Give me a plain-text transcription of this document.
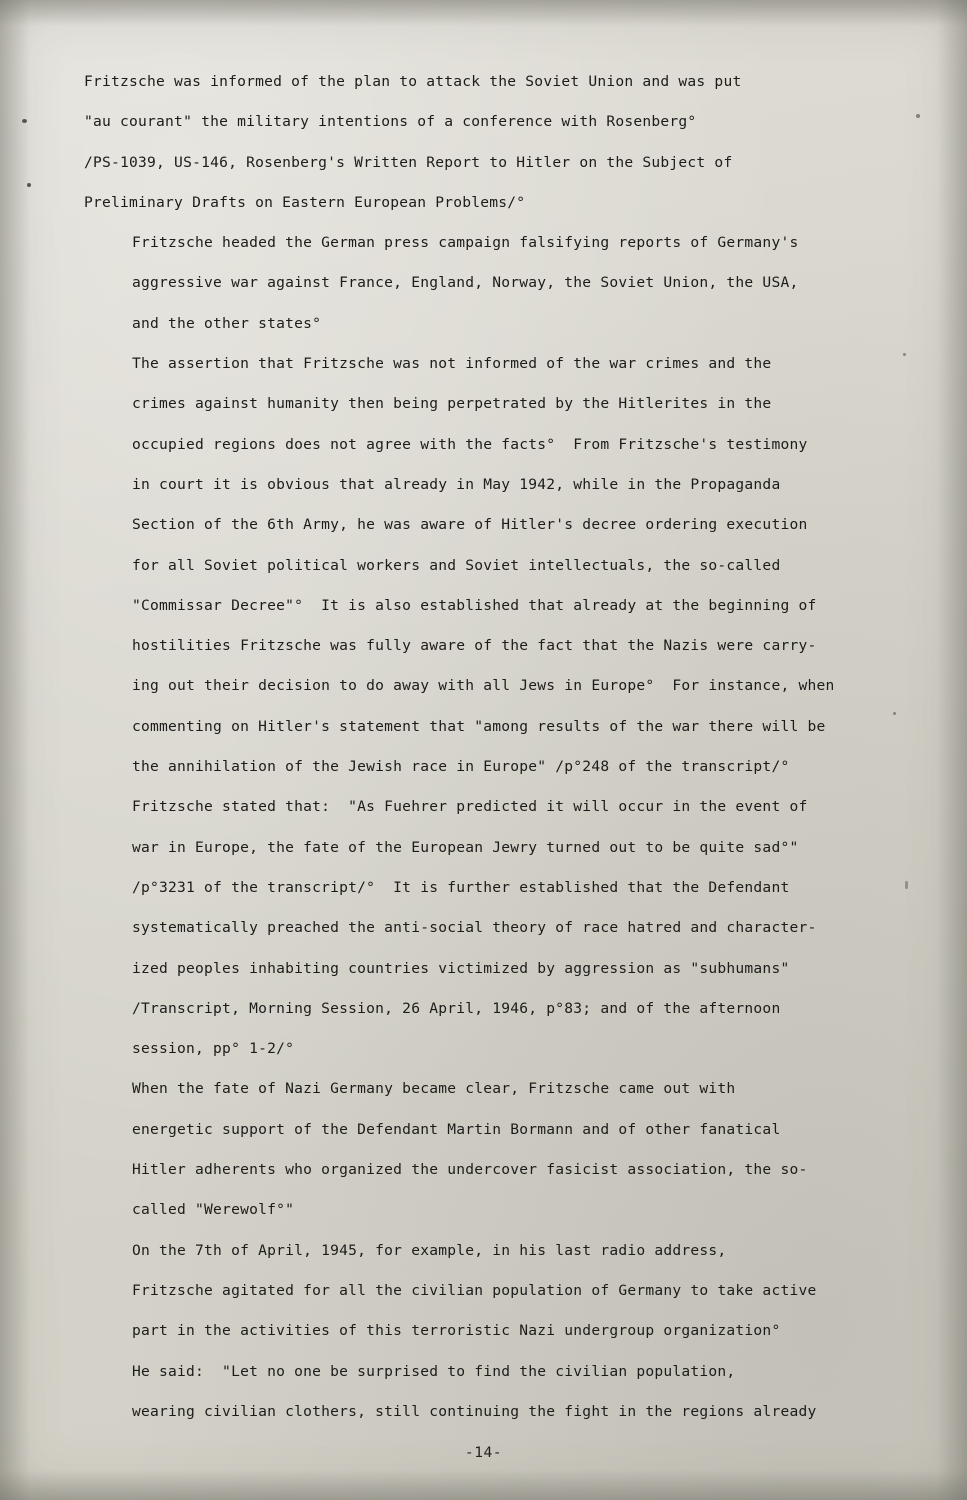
Fritzsche was informed of the plan to attack the Soviet Union and was put
"au courant" the military intentions of a conference with Rosenberg°
/PS-1039, US-146, Rosenberg's Written Report to Hitler on the Subject of
Preliminary Drafts on Eastern European Problems/°

Fritzsche headed the German press campaign falsifying reports of Germany's
aggressive war against France, England, Norway, the Soviet Union, the USA,
and the other states°

The assertion that Fritzsche was not informed of the war crimes and the
crimes against humanity then being perpetrated by the Hitlerites in the
occupied regions does not agree with the facts°  From Fritzsche's testimony
in court it is obvious that already in May 1942, while in the Propaganda
Section of the 6th Army, he was aware of Hitler's decree ordering execution
for all Soviet political workers and Soviet intellectuals, the so-called
"Commissar Decree"°  It is also established that already at the beginning of
hostilities Fritzsche was fully aware of the fact that the Nazis were carry-
ing out their decision to do away with all Jews in Europe°  For instance, when
commenting on Hitler's statement that "among results of the war there will be
the annihilation of the Jewish race in Europe" /p°248 of the transcript/°
Fritzsche stated that:  "As Fuehrer predicted it will occur in the event of
war in Europe, the fate of the European Jewry turned out to be quite sad°"
/p°3231 of the transcript/°  It is further established that the Defendant
systematically preached the anti-social theory of race hatred and character-
ized peoples inhabiting countries victimized by aggression as "subhumans"
/Transcript, Morning Session, 26 April, 1946, p°83; and of the afternoon
session, pp° 1-2/°

When the fate of Nazi Germany became clear, Fritzsche came out with
energetic support of the Defendant Martin Bormann and of other fanatical
Hitler adherents who organized the undercover fasicist association, the so-
called "Werewolf°"

On the 7th of April, 1945, for example, in his last radio address,
Fritzsche agitated for all the civilian population of Germany to take active
part in the activities of this terroristic Nazi undergroup organization°

He said:  "Let no one be surprised to find the civilian population,
wearing civilian clothers, still continuing the fight in the regions already

-14-
